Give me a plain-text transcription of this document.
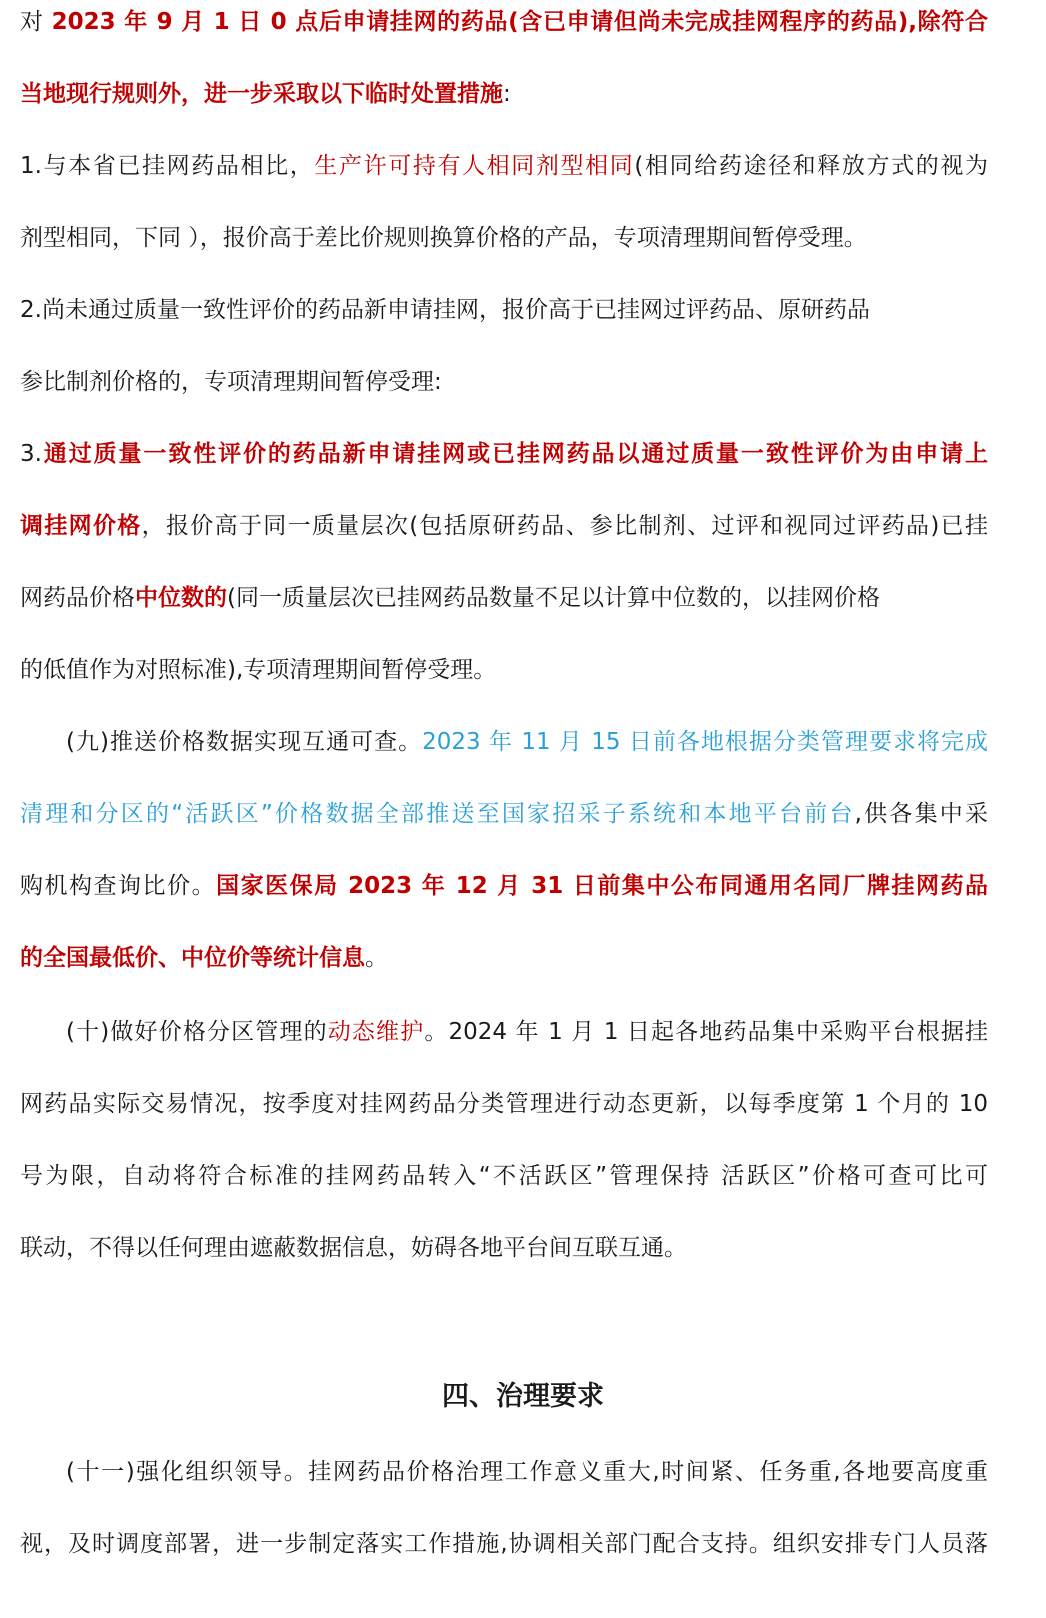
对 2023 年 9 月 1 日 0 点后申请挂网的药品(含已申请但尚未完成挂网程序的药品),除符合
当地现行规则外，进一步采取以下临时处置措施:
1.与本省已挂网药品相比，生产许可持有人相同剂型相同(相同给药途径和释放方式的视为
剂型相同，下同 ），报价高于差比价规则换算价格的产品，专项清理期间暂停受理。
2.尚未通过质量一致性评价的药品新申请挂网，报价高于已挂网过评药品、原研药品
参比制剂价格的，专项清理期间暂停受理:
3.通过质量一致性评价的药品新申请挂网或已挂网药品以通过质量一致性评价为由申请上
调挂网价格，报价高于同一质量层次(包括原研药品、参比制剂、过评和视同过评药品)已挂
网药品价格中位数的(同一质量层次已挂网药品数量不足以计算中位数的，以挂网价格
的低值作为对照标准),专项清理期间暂停受理。
(九)推送价格数据实现互通可查。2023 年 11 月 15 日前各地根据分类管理要求将完成
清理和分区的“活跃区”价格数据全部推送至国家招采子系统和本地平台前台,供各集中采
购机构查询比价。国家医保局 2023 年 12 月 31 日前集中公布同通用名同厂牌挂网药品
的全国最低价、中位价等统计信息。
(十)做好价格分区管理的动态维护。2024 年 1 月 1 日起各地药品集中采购平台根据挂
网药品实际交易情况，按季度对挂网药品分类管理进行动态更新，以每季度第 1 个月的 10
号为限，自动将符合标准的挂网药品转入“不活跃区”管理保持 活跃区”价格可查可比可
联动，不得以任何理由遮蔽数据信息，妨碍各地平台间互联互通。
四、治理要求
(十一)强化组织领导。挂网药品价格治理工作意义重大,时间紧、任务重,各地要高度重
视，及时调度部署，进一步制定落实工作措施,协调相关部门配合支持。组织安排专门人员落
